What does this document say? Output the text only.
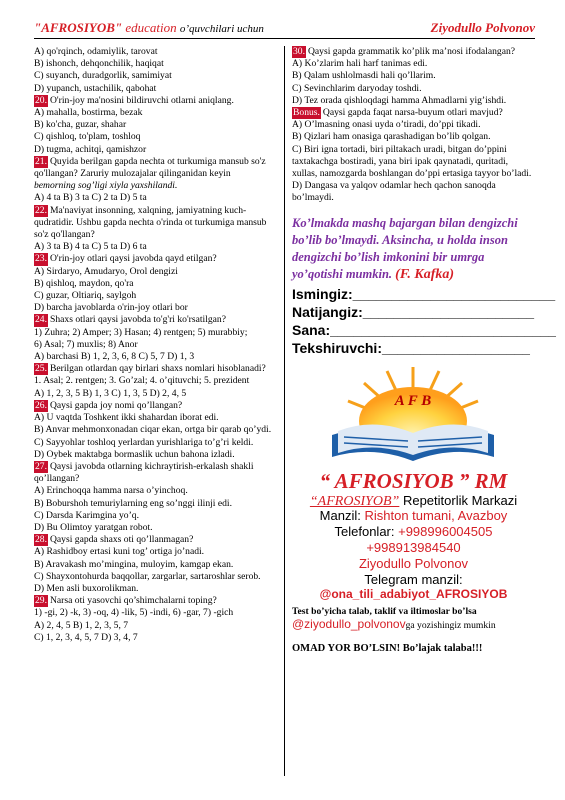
"AFROSIYOB" education o’quvchilari uchun	Ziyodullo Polvonov
A) qo'rqinch, odamiylik, tarovat
B) ishonch, dehqonchilik, haqiqat
C) suyanch, duradgorlik, samimiyat
D) yupanch, ustachilik, qabohat
20. O'rin-joy ma'nosini bildiruvchi otlarni aniqlang.
A) mahalla, bostirma, bezak
B) ko'cha, guzar, shahar
C) qishloq, to'plam, toshloq
D) tugma, achitqi, qamishzor
21. Quyida berilgan gapda nechta ot turkumiga mansub so'z qo'llangan? Zaruriy mulozajalar qilinganidan keyin
bemorning sog’ligi xiyla yaxshilandi.
A) 4 ta B) 3 ta C) 2 ta D) 5 ta
22. Ma'naviyat insonning, xalqning, jamiyatning kuch-qudratidir. Ushbu gapda nechta o'rinda ot turkumiga mansub so'z qo'llangan?
A) 3 ta B) 4 ta C) 5 ta D) 6 ta
23. O'rin-joy otlari qaysi javobda qayd etilgan?
A) Sirdaryo, Amudaryo, Orol dengizi
B) qishloq, maydon, qo'ra
C) guzar, Oltiariq, saylgoh
D) barcha javoblarda o'rin-joy otlari bor
24. Shaxs otlari qaysi javobda to'g'ri ko'rsatilgan?
1) Zuhra; 2) Amper; 3) Hasan; 4) rentgen; 5) murabbiy;
6) Asal; 7) muxlis; 8) Anor
A) barchasi B) 1, 2, 3, 6, 8 C) 5, 7 D) 1, 3
25. Berilgan otlardan qay birlari shaxs nomlari hisoblanadi?
1. Asal; 2. rentgen; 3. Go’zal; 4. o’qituvchi; 5. prezident
A) 1, 2, 3, 5 B) 1, 3 C) 1, 3, 5 D) 2, 4, 5
26. Qaysi gapda joy nomi qo’llangan?
A) U vaqtda Toshkent ikki shahardan iborat edi.
B) Anvar mehmonxonadan ciqar ekan, ortga bir qarab qo’ydi.
C) Sayyohlar toshloq yerlardan yurishlariga to’g’ri keldi.
D) Oybek maktabga bormaslik uchun bahona izladi.
27. Qaysi javobda otlarning kichraytirish-erkalash shakli qo’llangan?
A) Erinchoqqa hamma narsa o’yinchoq.
B) Boburshoh temuriylarning eng so’nggi ilinji edi.
C) Darsda Karimgina yo’q.
D) Bu Olimtoy yaratgan robot.
28. Qaysi gapda shaxs oti qo’llanmagan?
A) Rashidboy ertasi kuni tog’ ortiga jo’nadi.
B) Aravakash mo’mingina, muloyim, kamgap ekan.
C) Shayxontohurda baqqollar, zargarlar, sartaroshlar serob.
D) Men asli buxorolikman.
29. Narsa oti yasovchi qo’shimchalarni toping?
1) -gi, 2) -k, 3) -oq, 4) -lik, 5) -indi, 6) -gar, 7) -gich
A) 2, 4, 5 B) 1, 2, 3, 5, 7
C) 1, 2, 3, 4, 5, 7 D) 3, 4, 7
30. Qaysi gapda grammatik ko’plik ma’nosi ifodalangan?
A) Ko’zlarim hali harf tanimas edi.
B) Qalam ushlolmasdi hali qo’llarim.
C) Sevinchlarim daryoday toshdi.
D) Tez orada qishloqdagi hamma Ahmadlarni yig’ishdi.
Bonus. Qaysi gapda faqat narsa-buyum otlari mavjud?
A) O’lmasning onasi uyda o’tiradi, do’ppi tikadi.
B) Qizlari ham onasiga qarashadigan bo’lib qolgan.
C) Biri igna tortadi, biri piltakach uradi, bitgan do’ppini taxtakachga bostiradi, yana biri ipak qaynatadi, quritadi, xullas, namozgarda boshlangan do’ppi ertasiga tayyor bo’ladi.
D) Dangasa va yalqov odamlar hech qachon sanoqda bo’lmaydi.
Ko’lmakda mashq bajargan bilan dengizchi bo’lib bo’lmaydi. Aksincha, u holda inson dengizchi bo’lish imkonini bir umrga yo’qotishi mumkin. (F. Kafka)
Ismingiz:__________________________
Natijangiz:______________________
Sana:_____________________________
Tekshiruvchi:___________________
A F B
“ AFROSIYOB ” RM
“AFROSIYOB” Repetitorlik Markazi
Manzil: Rishton tumani, Avazboy
Telefonlar: +998996004505
+998913984540
Ziyodullo Polvonov
Telegram manzil:
@ona_tili_adabiyot_AFROSIYOB
Test bo’yicha talab, taklif va iltimoslar bo’lsa
@ziyodullo_polvonovga yozishingiz mumkin
OMAD YOR BO’LSIN! Bo’lajak talaba!!!
